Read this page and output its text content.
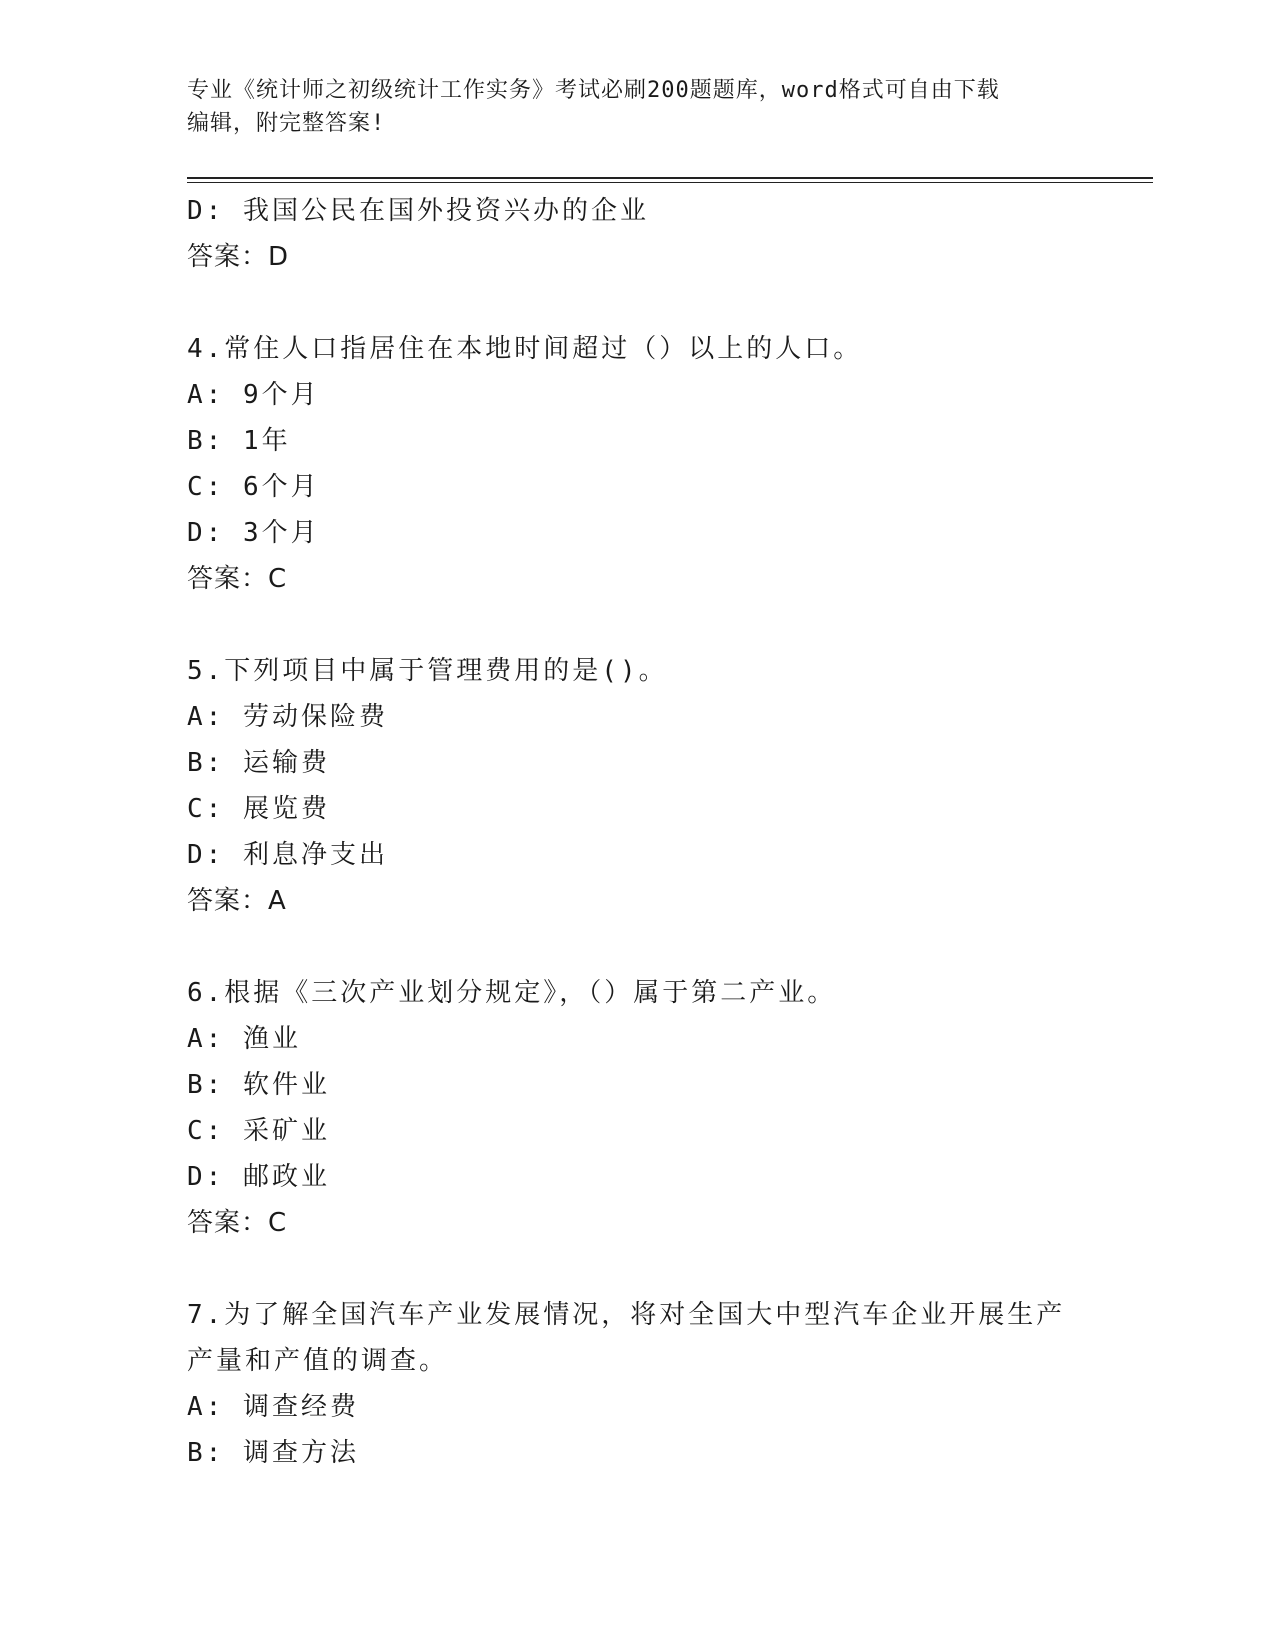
专业《统计师之初级统计工作实务》考试必刷200题题库，word格式可自由下载
编辑，附完整答案!
D: 我国公民在国外投资兴办的企业
答案：D
4.常住人口指居住在本地时间超过（）以上的人口。
A: 9个月
B: 1年
C: 6个月
D: 3个月
答案：C
5.下列项目中属于管理费用的是()。
A: 劳动保险费
B: 运输费
C: 展览费
D: 利息净支出
答案：A
6.根据《三次产业划分规定》，（）属于第二产业。
A: 渔业
B: 软件业
C: 采矿业
D: 邮政业
答案：C
7.为了解全国汽车产业发展情况，将对全国大中型汽车企业开展生产
产量和产值的调查。
A: 调查经费
B: 调查方法
